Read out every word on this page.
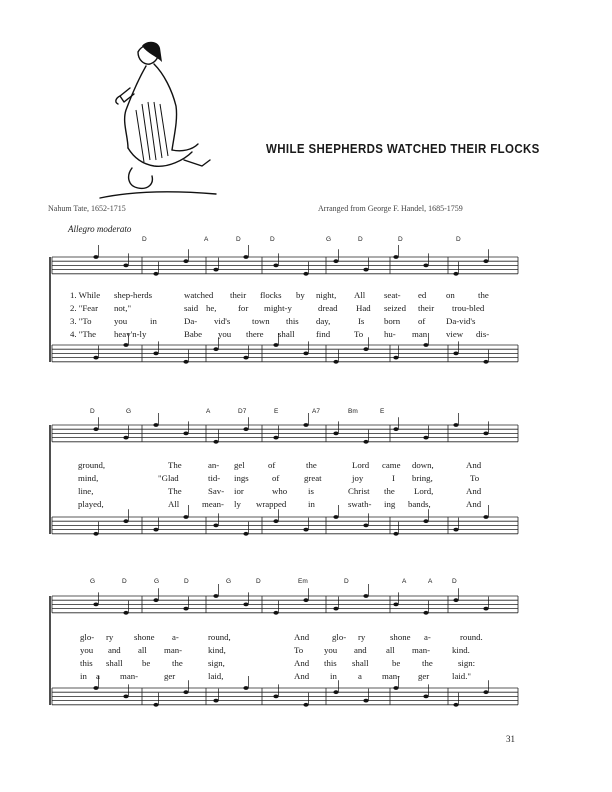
WHILE SHEPHERDS WATCHED THEIR FLOCKS
Nahum Tate, 1652-1715	Arranged from George F. Handel, 1685-1759
Allegro moderato
D	A	D	D	G	D	D	D
1. While shep-herds	watched their flocks by night, All seat- ed on	the
2. "Fear not,"	said he, for might-y	dread Had seized their trou-bled
3. "To	you	in	Da- vid's town this day,	Is born of Da-vid's
4. "The heav'n-ly	Babe you there shall find	To hu- man view dis-
D	G	A	D7	E	A7	Bm	E
ground,	The	an- gel	of	the	Lord came down,	And
mind,	"Glad	tid- ings	of	great	joy	I bring,	To
line,	The	Sav- ior	who is	Christ the Lord,	And
played,	All	mean- ly wrapped in	swath- ing bands,	And
G	D	G	D	G	D	Em	D	A	A	D
glo- ry shone a-	round,	And	glo- ry	shone a-	round.
you and all man-	kind,	To you and all man- kind.
this shall be the	sign,	And this shall	be the	sign:
in a man-	ger	laid,	And in a man- ger	laid."
31
